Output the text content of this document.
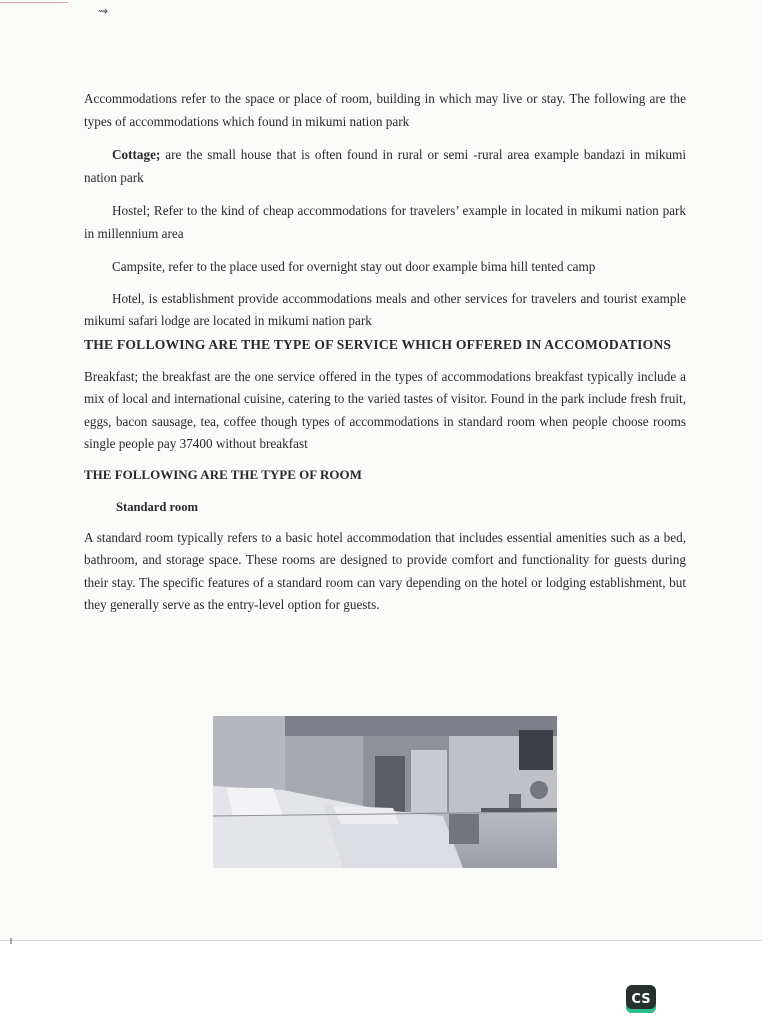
⇝

Accommodations refer to the space or place of room, building in which may live or stay. The following are the types of accommodations which found in mikumi nation park

Cottage; are the small house that is often found in rural or semi -rural area example bandazi in mikumi nation park

Hostel; Refer to the kind of cheap accommodations for travelers’ example in located in mikumi nation park in millennium area

Campsite, refer to the place used for overnight stay out door example bima hill tented camp

Hotel, is establishment provide accommodations meals and other services for travelers and tourist example mikumi safari lodge are located in mikumi nation park

THE FOLLOWING ARE THE TYPE OF SERVICE WHICH OFFERED IN ACCOMODATIONS

Breakfast; the breakfast are the one service offered in the types of accommodations breakfast typically include a mix of local and international cuisine, catering to the varied tastes of visitor. Found in the park include fresh fruit, eggs, bacon sausage, tea, coffee though types of accommodations in standard room when people choose rooms single people pay 37400 without breakfast

THE FOLLOWING ARE THE TYPE OF ROOM

Standard room

A standard room typically refers to a basic hotel accommodation that includes essential amenities such as a bed, bathroom, and storage space. These rooms are designed to provide comfort and functionality for guests during their stay. The specific features of a standard room can vary depending on the hotel or lodging establishment, but they generally serve as the entry-level option for guests.

CS
